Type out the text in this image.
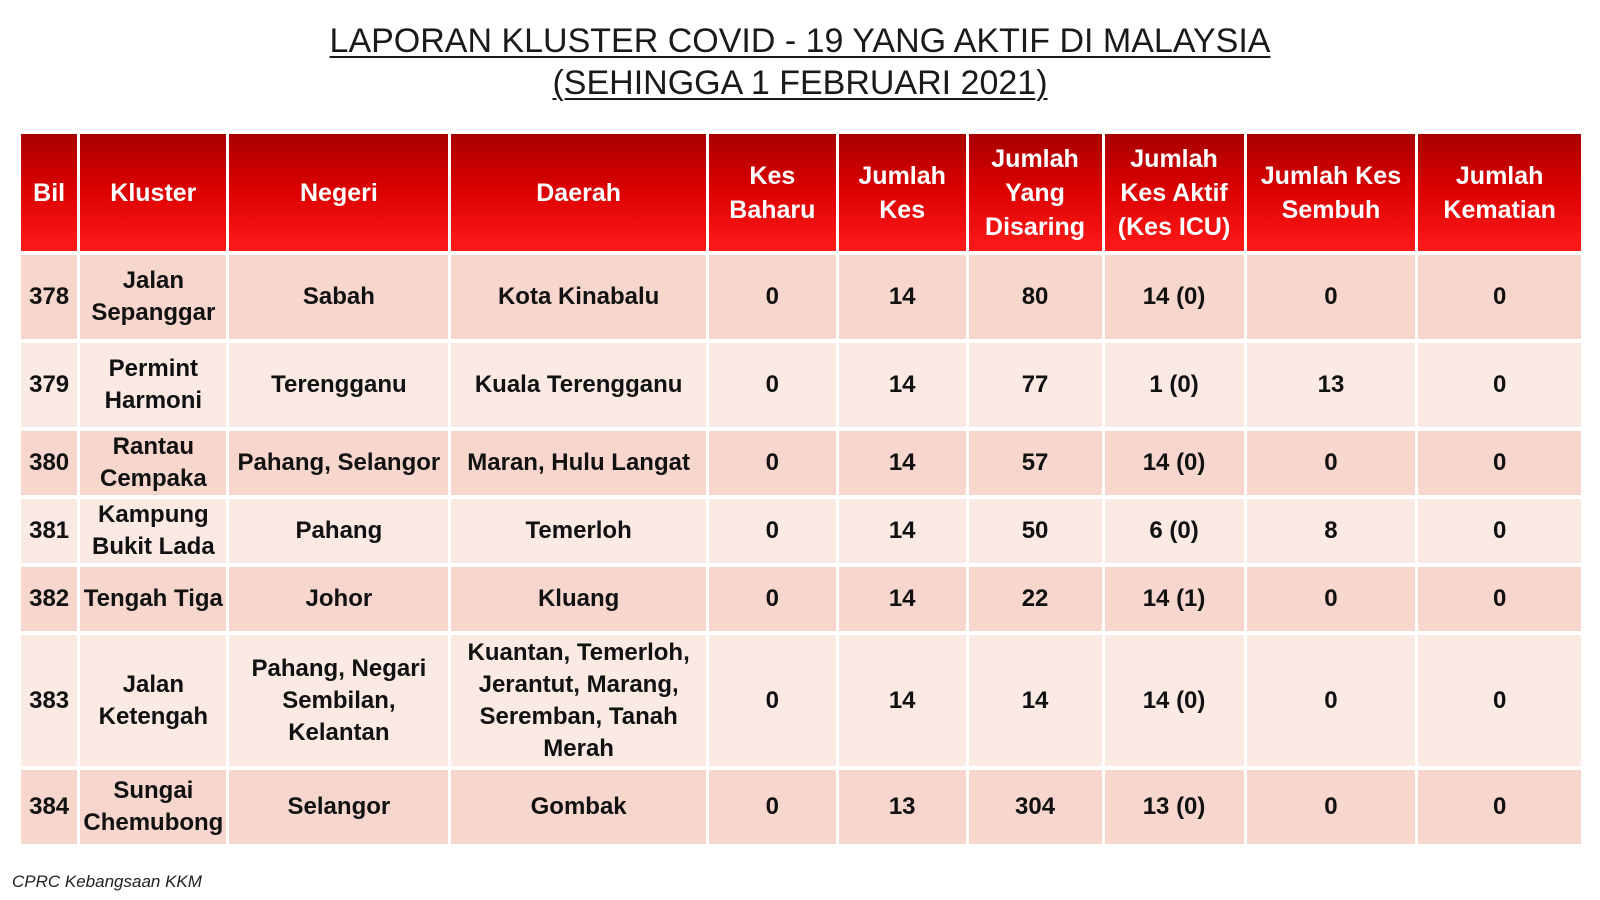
LAPORAN KLUSTER COVID - 19 YANG AKTIF DI MALAYSIA
(SEHINGGA 1 FEBRUARI 2021)
Bil	Kluster	Negeri	Daerah	Kes Baharu	Jumlah Kes	Jumlah Yang Disaring	Jumlah Kes Aktif (Kes ICU)	Jumlah Kes Sembuh	Jumlah Kematian
378	Jalan Sepanggar	Sabah	Kota Kinabalu	0	14	80	14 (0)	0	0
379	Permint Harmoni	Terengganu	Kuala Terengganu	0	14	77	1 (0)	13	0
380	Rantau Cempaka	Pahang, Selangor	Maran, Hulu Langat	0	14	57	14 (0)	0	0
381	Kampung Bukit Lada	Pahang	Temerloh	0	14	50	6 (0)	8	0
382	Tengah Tiga	Johor	Kluang	0	14	22	14 (1)	0	0
383	Jalan Ketengah	Pahang, Negari Sembilan, Kelantan	Kuantan, Temerloh, Jerantut, Marang, Seremban, Tanah Merah	0	14	14	14 (0)	0	0
384	Sungai Chemubong	Selangor	Gombak	0	13	304	13 (0)	0	0
CPRC Kebangsaan KKM
